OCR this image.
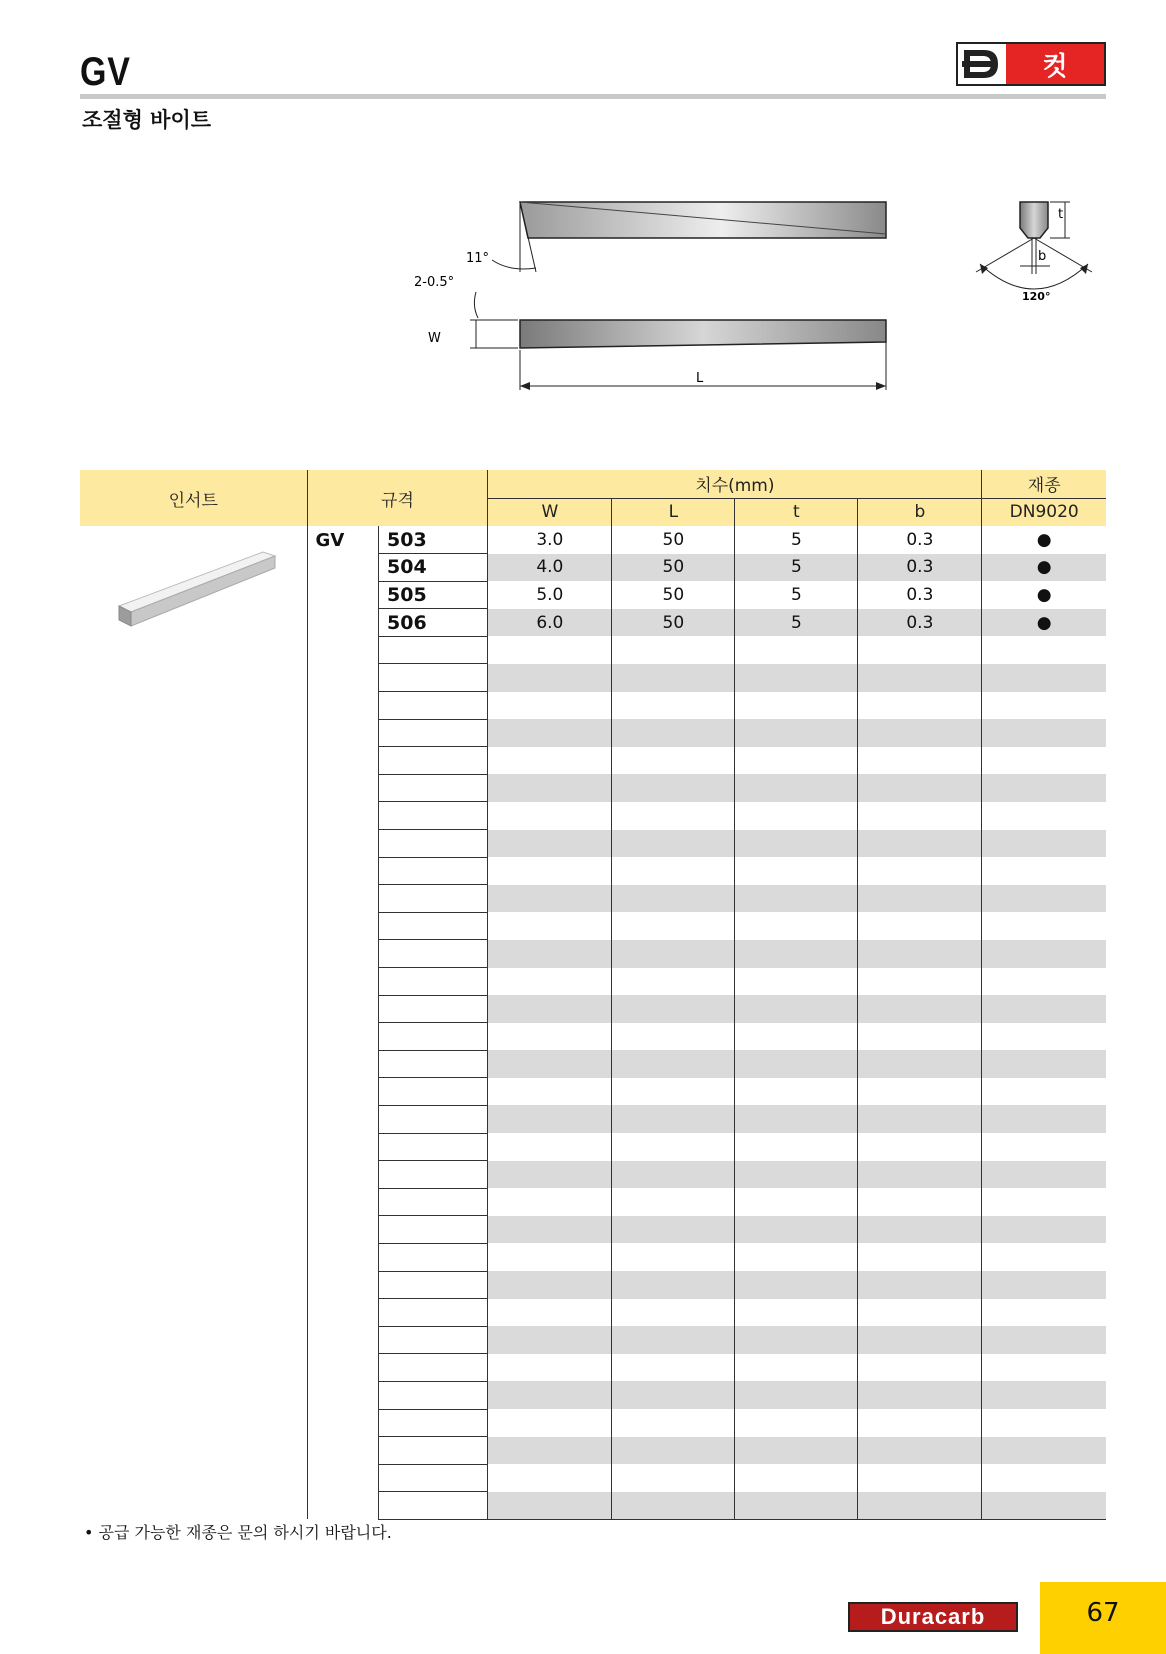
GV	컷
조절형 바이트
11°
2-0.5°
W
L
t
b
120°
인서트	규격		치수(mm)				재종
			W	L	t	b	DN9020
	GV	503	3.0	50	5	0.3	●
		504	4.0	50	5	0.3	●
		505	5.0	50	5	0.3	●
		506	6.0	50	5	0.3	●

• 공급 가능한 재종은 문의 하시기 바랍니다.
Duracarb	67
